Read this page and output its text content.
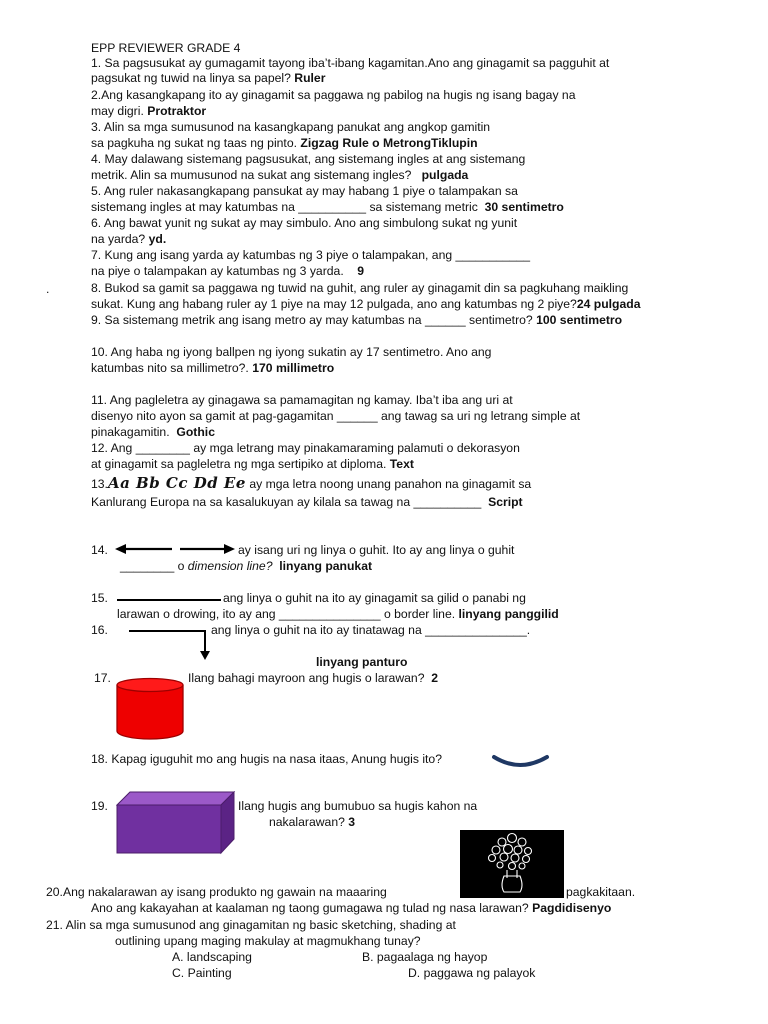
EPP REVIEWER GRADE 4
1. Sa pagsusukat ay gumagamit tayong iba’t-ibang kagamitan.Ano ang ginagamit sa pagguhit at
pagsukat ng tuwid na linya sa papel? Ruler
2.Ang kasangkapang ito ay ginagamit sa paggawa ng pabilog na hugis ng isang bagay na
may digri. Protraktor
3. Alin sa mga sumusunod na kasangkapang panukat ang angkop gamitin
sa pagkuha ng sukat ng taas ng pinto. Zigzag Rule o MetrongTiklupin
4. May dalawang sistemang pagsusukat, ang sistemang ingles at ang sistemang
metrik. Alin sa mumusunod na sukat ang sistemang ingles? pulgada
5. Ang ruler nakasangkapang pansukat ay may habang 1 piye o talampakan sa
sistemang ingles at may katumbas na __________ sa sistemang metric 30 sentimetro
6. Ang bawat yunit ng sukat ay may simbulo. Ano ang simbulong sukat ng yunit
na yarda? yd.
7. Kung ang isang yarda ay katumbas ng 3 piye o talampakan, ang ___________
na piye o talampakan ay katumbas ng 3 yarda. 9
.	8. Bukod sa gamit sa paggawa ng tuwid na guhit, ang ruler ay ginagamit din sa pagkuhang maikling
sukat. Kung ang habang ruler ay 1 piye na may 12 pulgada, ano ang katumbas ng 2 piye?24 pulgada
9. Sa sistemang metrik ang isang metro ay may katumbas na ______ sentimetro? 100 sentimetro
10. Ang haba ng iyong ballpen ng iyong sukatin ay 17 sentimetro. Ano ang
katumbas nito sa millimetro?. 170 millimetro
11. Ang pagleletra ay ginagawa sa pamamagitan ng kamay. Iba’t iba ang uri at
disenyo nito ayon sa gamit at pag-gagamitan ______ ang tawag sa uri ng letrang simple at
pinakagamitin. Gothic
12. Ang ________ ay mga letrang may pinakamaraming palamuti o dekorasyon
at ginagamit sa pagleletra ng mga sertipiko at diploma. Text
13.Aa Bb Cc Dd Ee ay mga letra noong unang panahon na ginagamit sa
Kanlurang Europa na sa kasalukuyan ay kilala sa tawag na __________ Script
14.	ay isang uri ng linya o guhit. Ito ay ang linya o guhit
________ o dimension line? linyang panukat
15.	ang linya o guhit na ito ay ginagamit sa gilid o panabi ng
larawan o drowing, ito ay ang _______________ o border line. linyang panggilid
16.	ang linya o guhit na ito ay tinatawag na _______________.
linyang panturo
17.	Ilang bahagi mayroon ang hugis o larawan? 2
18. Kapag iguguhit mo ang hugis na nasa itaas, Anung hugis ito?
19.	Ilang hugis ang bumubuo sa hugis kahon na
nakalarawan? 3
20.Ang nakalarawan ay isang produkto ng gawain na maaaring	pagkakitaan.
Ano ang kakayahan at kaalaman ng taong gumagawa ng tulad ng nasa larawan? Pagdidisenyo
21. Alin sa mga sumusunod ang ginagamitan ng basic sketching, shading at
outlining upang maging makulay at magmukhang tunay?
A. landscaping	B. pagaalaga ng hayop
C. Painting	D. paggawa ng palayok
